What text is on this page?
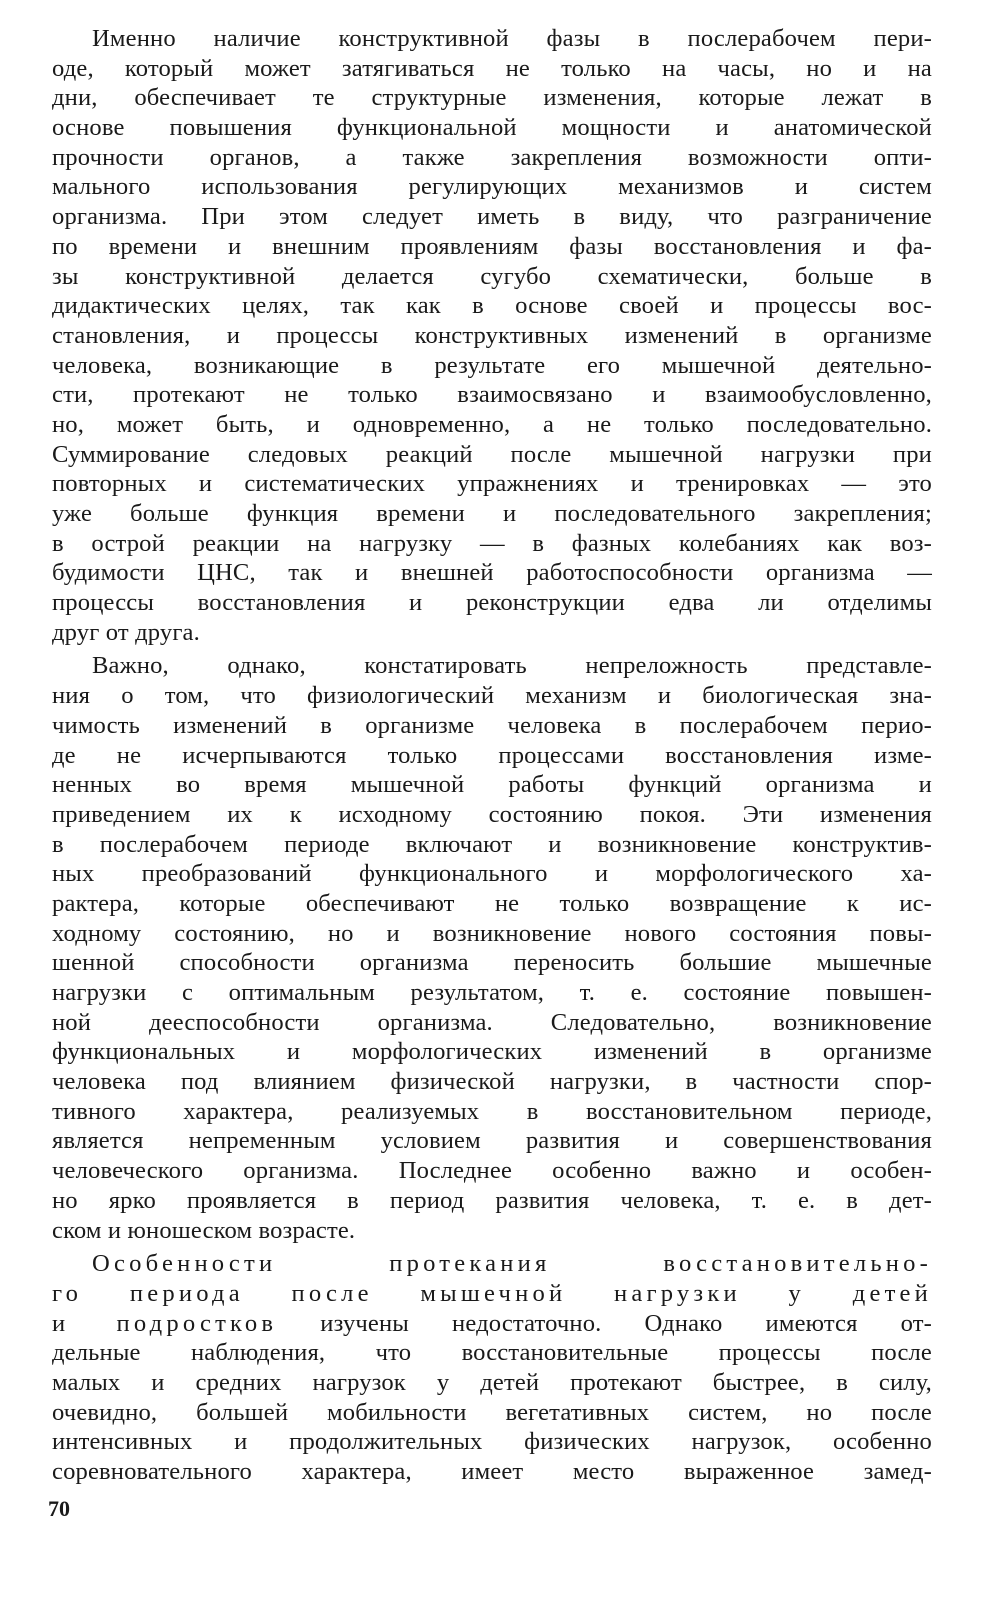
Именно наличие конструктивной фазы в послерабочем пери-
оде, который может затягиваться не только на часы, но и на
дни, обеспечивает те структурные изменения, которые лежат в
основе повышения функциональной мощности и анатомической
прочности органов, а также закрепления возможности опти-
мального использования регулирующих механизмов и систем
организма. При этом следует иметь в виду, что разграничение
по времени и внешним проявлениям фазы восстановления и фа-
зы конструктивной делается сугубо схематически, больше в
дидактических целях, так как в основе своей и процессы вос-
становления, и процессы конструктивных изменений в организме
человека, возникающие в результате его мышечной деятельно-
сти, протекают не только взаимосвязано и взаимообусловленно,
но, может быть, и одновременно, а не только последовательно.
Суммирование следовых реакций после мышечной нагрузки при
повторных и систематических упражнениях и тренировках — это
уже больше функция времени и последовательного закрепления;
в острой реакции на нагрузку — в фазных колебаниях как воз-
будимости ЦНС, так и внешней работоспособности организма —
процессы восстановления и реконструкции едва ли отделимы
друг от друга.
Важно, однако, констатировать непреложность представле-
ния о том, что физиологический механизм и биологическая зна-
чимость изменений в организме человека в послерабочем перио-
де не исчерпываются только процессами восстановления изме-
ненных во время мышечной работы функций организма и
приведением их к исходному состоянию покоя. Эти изменения
в послерабочем периоде включают и возникновение конструктив-
ных преобразований функционального и морфологического ха-
рактера, которые обеспечивают не только возвращение к ис-
ходному состоянию, но и возникновение нового состояния повы-
шенной способности организма переносить большие мышечные
нагрузки с оптимальным результатом, т. е. состояние повышен-
ной дееспособности организма. Следовательно, возникновение
функциональных и морфологических изменений в организме
человека под влиянием физической нагрузки, в частности спор-
тивного характера, реализуемых в восстановительном периоде,
является непременным условием развития и совершенствования
человеческого организма. Последнее особенно важно и особен-
но ярко проявляется в период развития человека, т. е. в дет-
ском и юношеском возрасте.
Особенности протекания восстановительно-
го периода после мышечной нагрузки у детей
и подростков изучены недостаточно. Однако имеются от-
дельные наблюдения, что восстановительные процессы после
малых и средних нагрузок у детей протекают быстрее, в силу,
очевидно, большей мобильности вегетативных систем, но после
интенсивных и продолжительных физических нагрузок, особенно
соревновательного характера, имеет место выраженное замед-
70
